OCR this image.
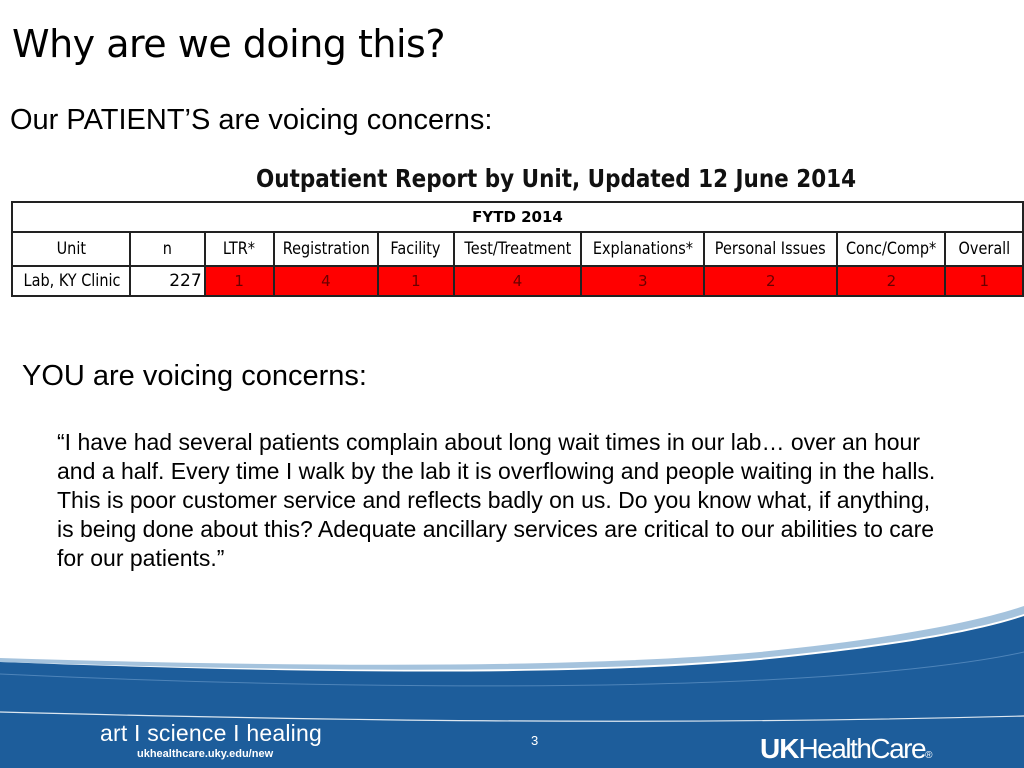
Why are we doing this?
Our PATIENT’S are voicing concerns:
Outpatient Report by Unit, Updated 12 June 2014
FYTD 2014									
Unit	n	LTR*	Registration	Facility	Test/Treatment	Explanations*	Personal Issues	Conc/Comp*	Overall
Lab, KY Clinic	227	1	4	1	4	3	2	2	1
YOU are voicing concerns:
“I have had several patients complain about long wait times in our lab… over an hour and a half. Every time I walk by the lab it is overflowing and people waiting in the halls. This is poor customer service and reflects badly on us. Do you know what, if anything, is being done about this? Adequate ancillary services are critical to our abilities to care for our patients.”
art I science I healing
ukhealthcare.uky.edu/new
3	UKHealthCare®
